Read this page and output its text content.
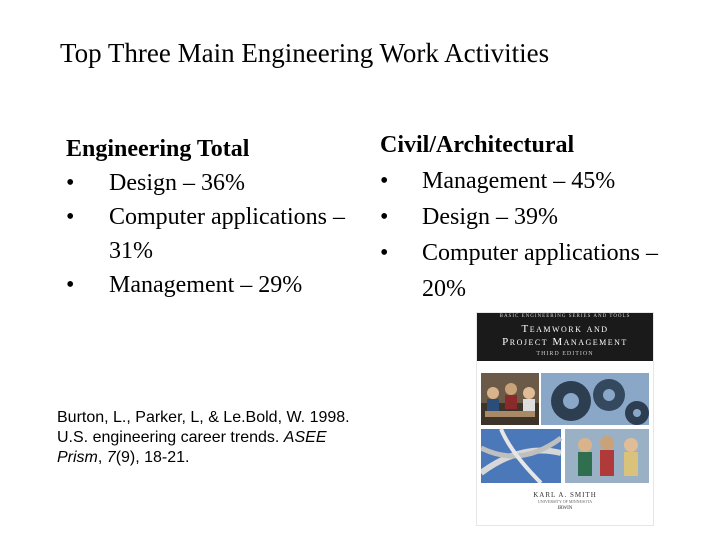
Top Three Main Engineering Work Activities
Engineering Total
• Design – 36%
• Computer applications – 31%
• Management – 29%
Civil/Architectural
• Management – 45%
• Design – 39%
• Computer applications – 20%
Burton, L., Parker, L, & Le.Bold, W. 1998.
U.S. engineering career trends. ASEE
Prism, 7(9), 18-21.
BASIC ENGINEERING SERIES AND TOOLS
Teamwork and
Project Management
THIRD EDITION
KARL A. SMITH
UNIVERSITY OF MINNESOTA
IRWIN
